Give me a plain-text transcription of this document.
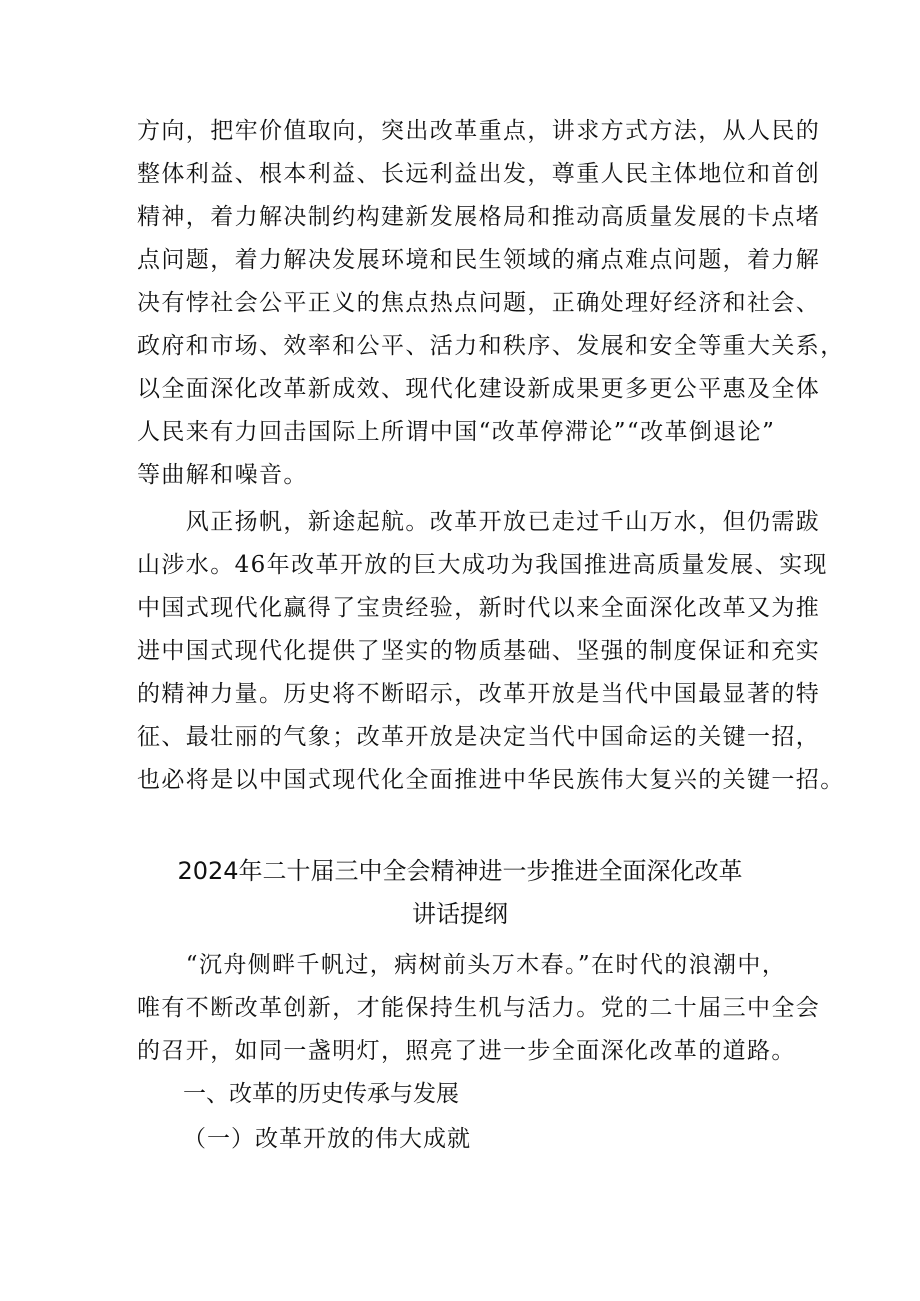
方向，把牢价值取向，突出改革重点，讲求方式方法，从人民的
整体利益、根本利益、长远利益出发，尊重人民主体地位和首创
精神，着力解决制约构建新发展格局和推动高质量发展的卡点堵
点问题，着力解决发展环境和民生领域的痛点难点问题，着力解
决有悖社会公平正义的焦点热点问题，正确处理好经济和社会、
政府和市场、效率和公平、活力和秩序、发展和安全等重大关系，
以全面深化改革新成效、现代化建设新成果更多更公平惠及全体
人民来有力回击国际上所谓中国“改革停滞论”“改革倒退论”
等曲解和噪音。
　　风正扬帆，新途起航。改革开放已走过千山万水，但仍需跋
山涉水。46年改革开放的巨大成功为我国推进高质量发展、实现
中国式现代化赢得了宝贵经验，新时代以来全面深化改革又为推
进中国式现代化提供了坚实的物质基础、坚强的制度保证和充实
的精神力量。历史将不断昭示，改革开放是当代中国最显著的特
征、最壮丽的气象；改革开放是决定当代中国命运的关键一招，
也必将是以中国式现代化全面推进中华民族伟大复兴的关键一招。
2024年二十届三中全会精神进一步推进全面深化改革
讲话提纲
　　“沉舟侧畔千帆过，病树前头万木春。”在时代的浪潮中，
唯有不断改革创新，才能保持生机与活力。党的二十届三中全会
的召开，如同一盏明灯，照亮了进一步全面深化改革的道路。
一、改革的历史传承与发展
（一）改革开放的伟大成就
